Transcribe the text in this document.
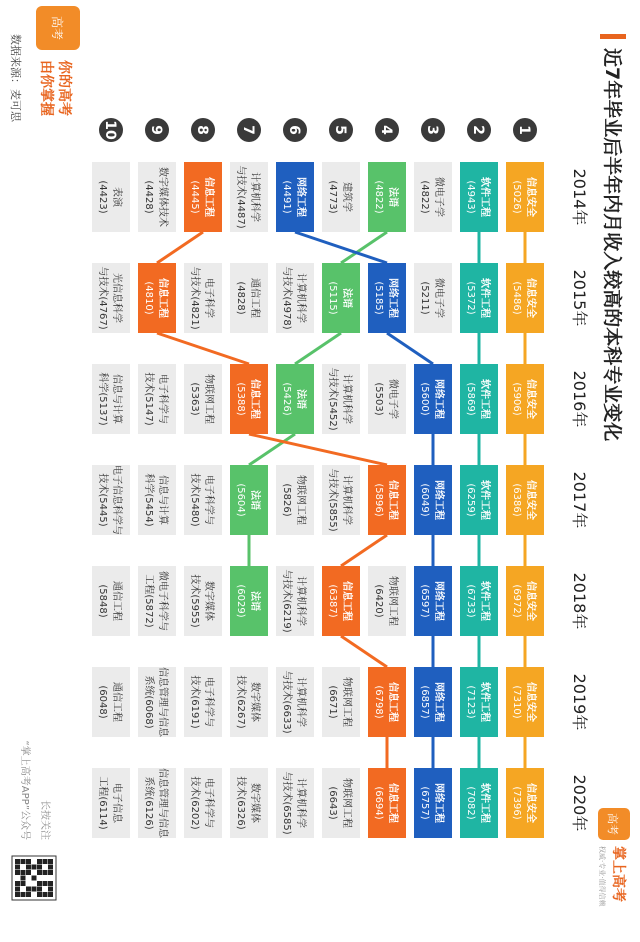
近7年毕业后半年内月收入较高的本科专业变化
高考
掌上高考
权威·专业·值得信赖
高考
你的高考
由你掌握
数据来源：麦可思
长按关注
“掌上高考APP”公众号
1
2
3
4
5
6
7
8
9
10
2014年
2015年
2016年
2017年
2018年
2019年
2020年
信息安全
(5026)
软件工程
(4943)
微电子学
(4822)
法语
(4822)
建筑学
(4773)
网络工程
(4491)
计算机科学
与技术(4487)
信息工程
(4445)
数字媒体技术
(4428)
表演
(4423)
信息安全
(5486)
软件工程
(5372)
微电子学
(5211)
网络工程
(5185)
法语
(5115)
计算机科学
与技术(4978)
通信工程
(4828)
电子科学
与技术(4821)
信息工程
(4810)
光信息科学
与技术(4767)
信息安全
(5906)
软件工程
(5869)
网络工程
(5600)
微电子学
(5503)
计算机科学
与技术(5452)
法语
(5426)
信息工程
(5388)
物联网工程
(5363)
电子科学与
技术(5147)
信息与计算
科学(5137)
信息安全
(6386)
软件工程
(6259)
网络工程
(6049)
信息工程
(5896)
计算机科学
与技术(5855)
物联网工程
(5826)
法语
(5604)
电子科学与
技术(5480)
信息与计算
科学(5454)
电子信息科学与
技术(5445)
信息安全
(6972)
软件工程
(6733)
网络工程
(6597)
物联网工程
(6420)
信息工程
(6387)
计算机科学
与技术(6219)
法语
(6029)
数字媒体
技术(5955)
微电子科学与
工程(5872)
通信工程
(5848)
信息安全
(7310)
软件工程
(7123)
网络工程
(6857)
信息工程
(6798)
物联网工程
(6671)
计算机科学
与技术(6633)
数字媒体
技术(6267)
电子科学与
技术(6191)
信息管理与信息
系统(6068)
通信工程
(6048)
信息安全
(7396)
软件工程
(7082)
网络工程
(6757)
信息工程
(6694)
物联网工程
(6643)
计算机科学
与技术(6585)
数字媒体
技术(6326)
电子科学与
技术(6202)
信息管理与信息
系统(6126)
电子信息
工程(6114)
